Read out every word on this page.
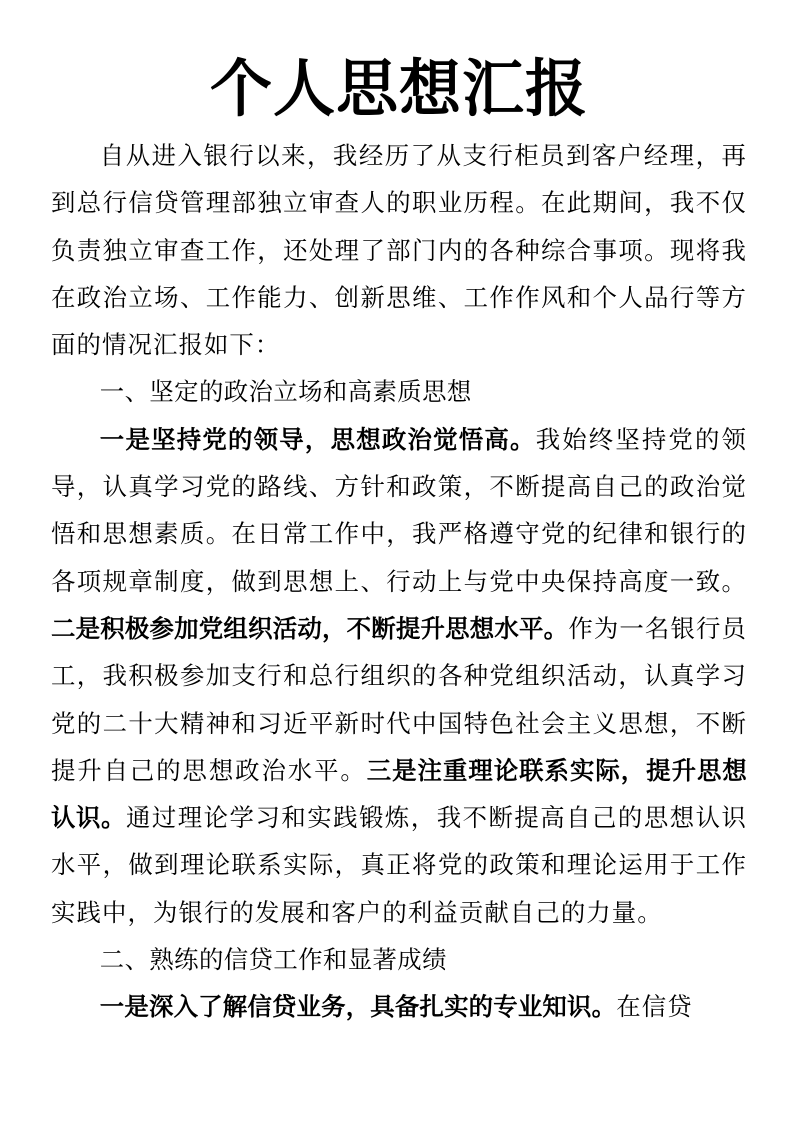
个人思想汇报

自从进入银行以来，我经历了从支行柜员到客户经理，再到总行信贷管理部独立审查人的职业历程。在此期间，我不仅负责独立审查工作，还处理了部门内的各种综合事项。现将我在政治立场、工作能力、创新思维、工作作风和个人品行等方面的情况汇报如下：

一、坚定的政治立场和高素质思想

一是坚持党的领导，思想政治觉悟高。我始终坚持党的领导，认真学习党的路线、方针和政策，不断提高自己的政治觉悟和思想素质。在日常工作中，我严格遵守党的纪律和银行的各项规章制度，做到思想上、行动上与党中央保持高度一致。二是积极参加党组织活动，不断提升思想水平。作为一名银行员工，我积极参加支行和总行组织的各种党组织活动，认真学习党的二十大精神和习近平新时代中国特色社会主义思想，不断提升自己的思想政治水平。三是注重理论联系实际，提升思想认识。通过理论学习和实践锻炼，我不断提高自己的思想认识水平，做到理论联系实际，真正将党的政策和理论运用于工作实践中，为银行的发展和客户的利益贡献自己的力量。

二、熟练的信贷工作和显著成绩

一是深入了解信贷业务，具备扎实的专业知识。在信贷
